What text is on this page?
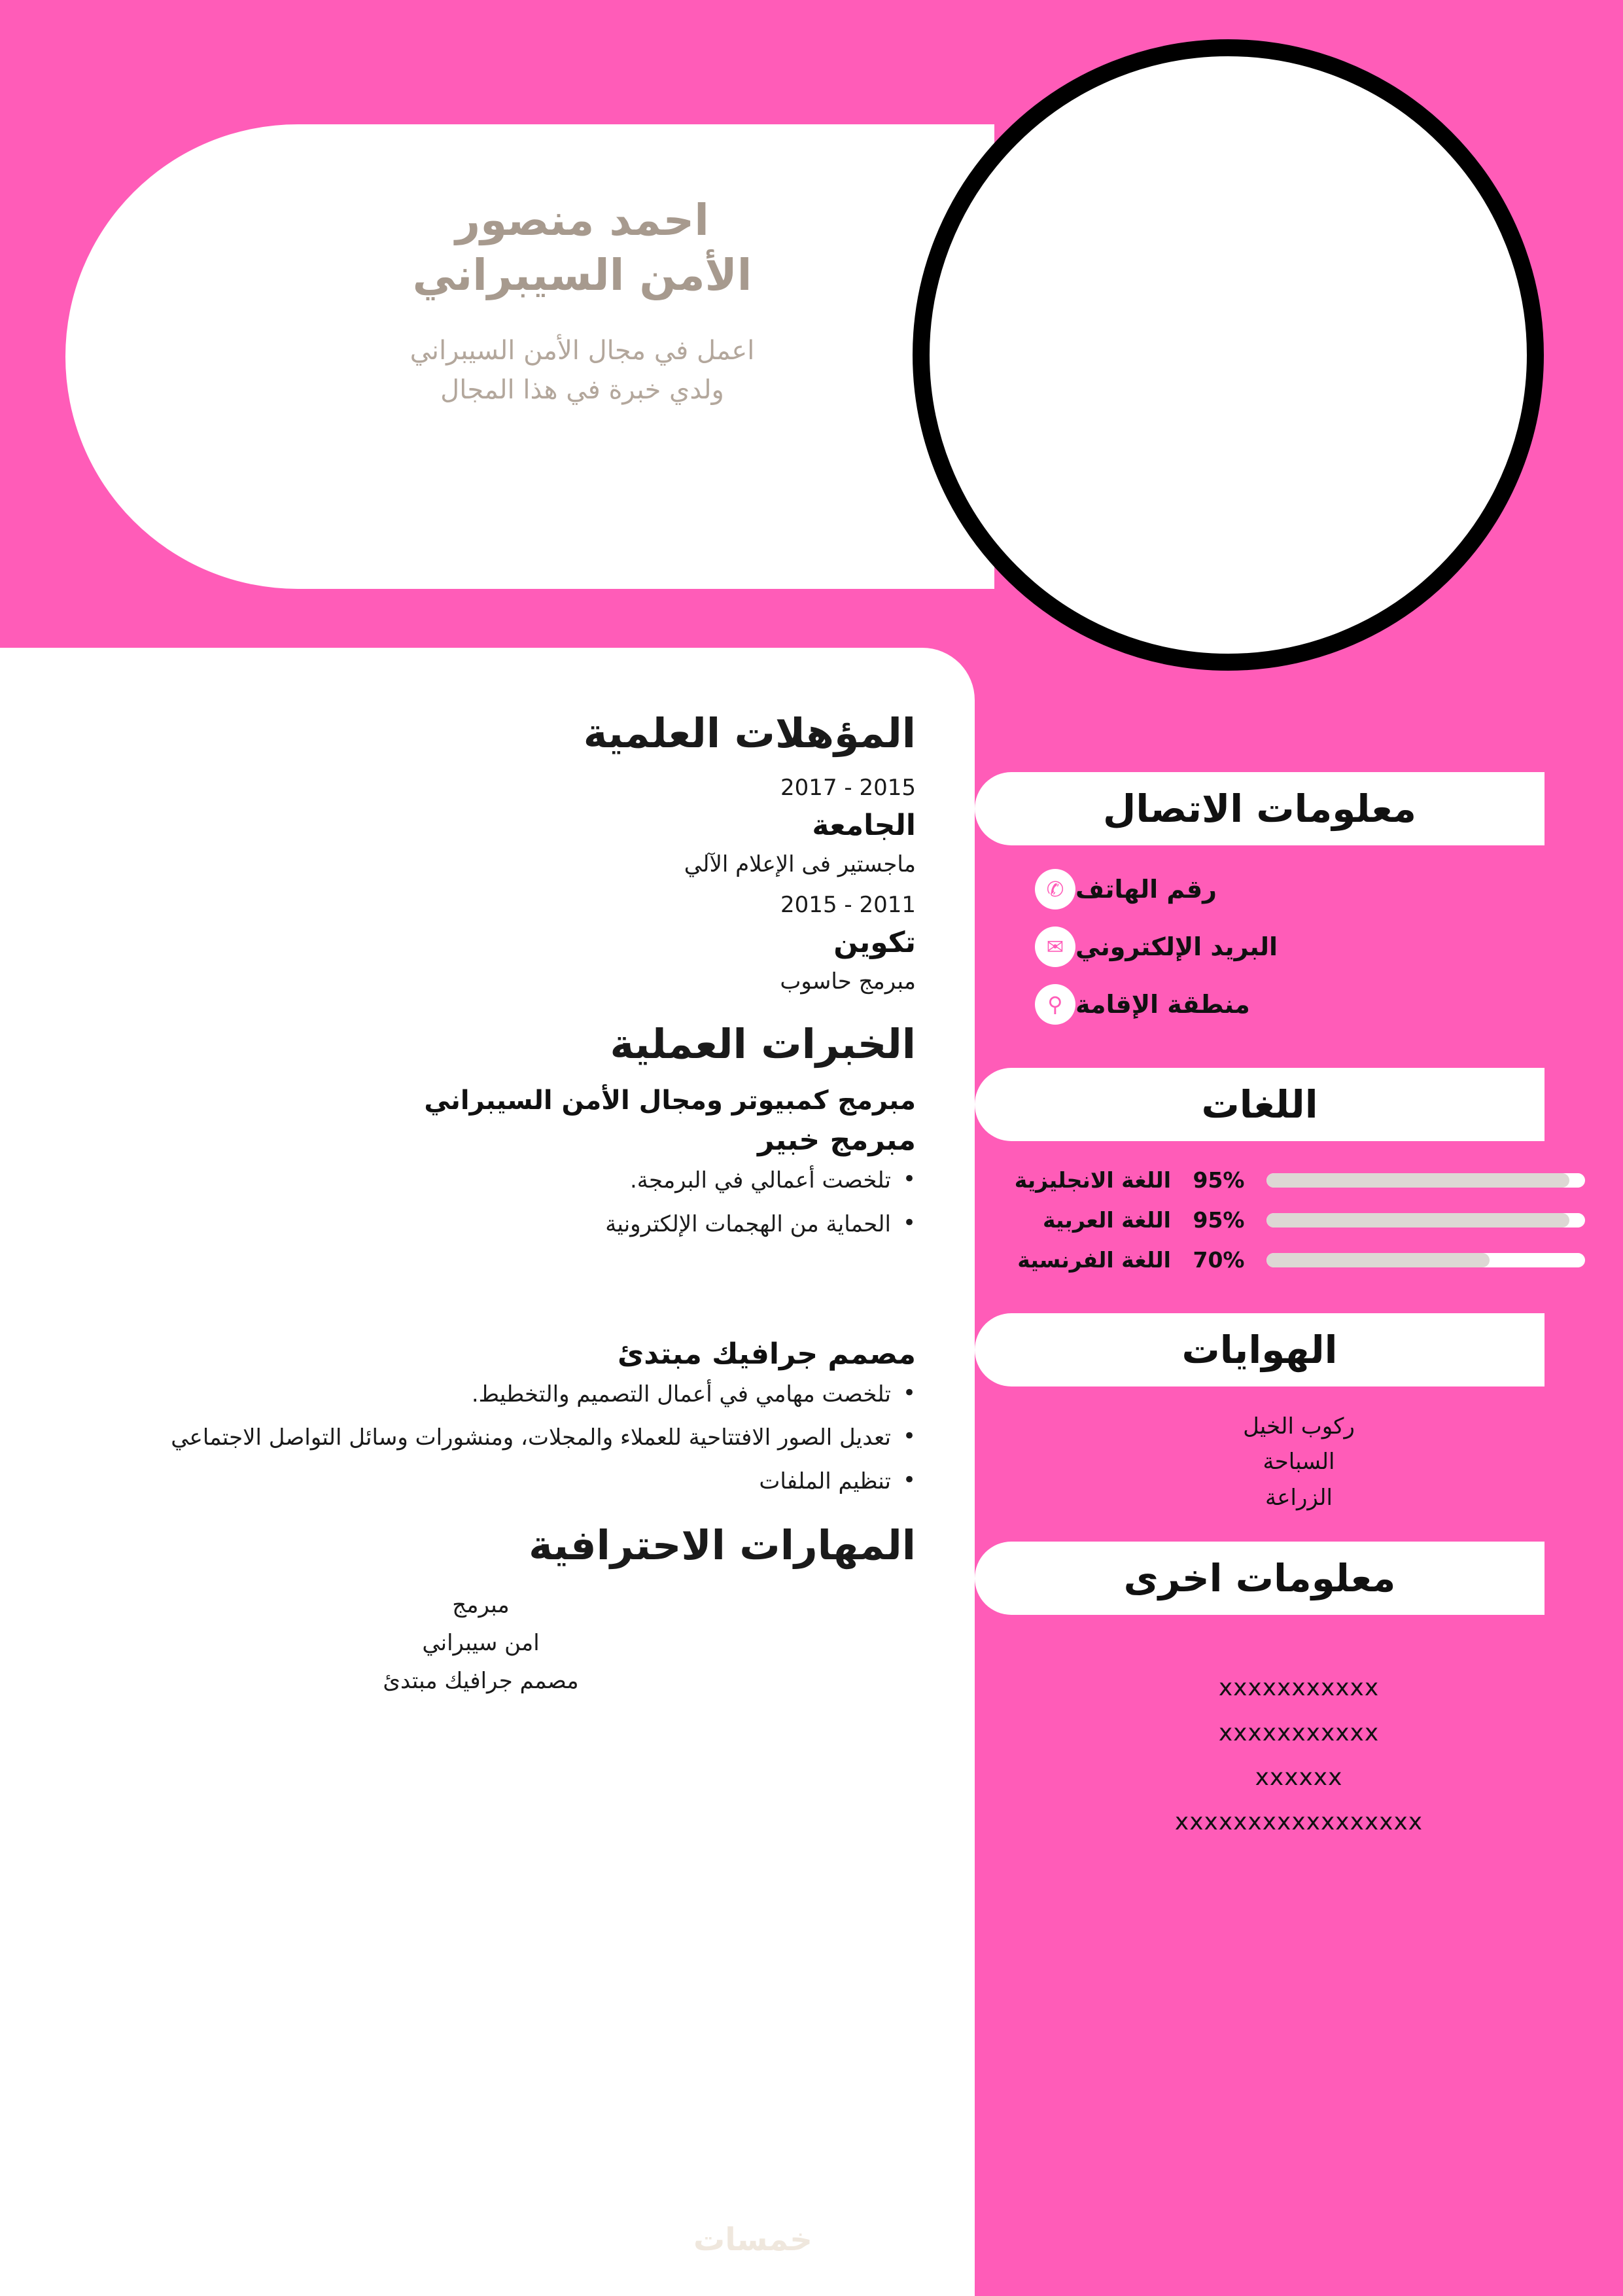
احمد منصور
الأمن السيبراني
اعمل في مجال الأمن السيبراني
ولدي خبرة في هذا المجال
المؤهلات العلمية
2015 - 2017
الجامعة
ماجستير فى الإعلام الآلي
2011 - 2015
تكوين
مبرمج حاسوب
الخبرات العملية
مبرمج كمبيوتر ومجال الأمن السيبراني
مبرمج خبير
• تلخصت أعمالي في البرمجة.
• الحماية من الهجمات الإلكترونية
مصمم جرافيك مبتدئ
• تلخصت مهامي في أعمال التصميم والتخطيط.
• تعديل الصور الافتتاحية للعملاء والمجلات، ومنشورات وسائل التواصل الاجتماعي
• تنظيم الملفات
المهارات الاحترافية
مبرمج
امن سيبراني
مصمم جرافيك مبتدئ
خمسات
معلومات الاتصال
✆ رقم الهاتف
✉ البريد الإلكتروني
⚲ منطقة الإقامة
اللغات
95%
اللغة الانجليزية
95%
اللغة العربية
70%
اللغة الفرنسية
الهوايات
ركوب الخيل
السباحة
الزراعة
معلومات اخرى
xxxxxxxxxxx
xxxxxxxxxxx
xxxxxx
xxxxxxxxxxxxxxxxx
